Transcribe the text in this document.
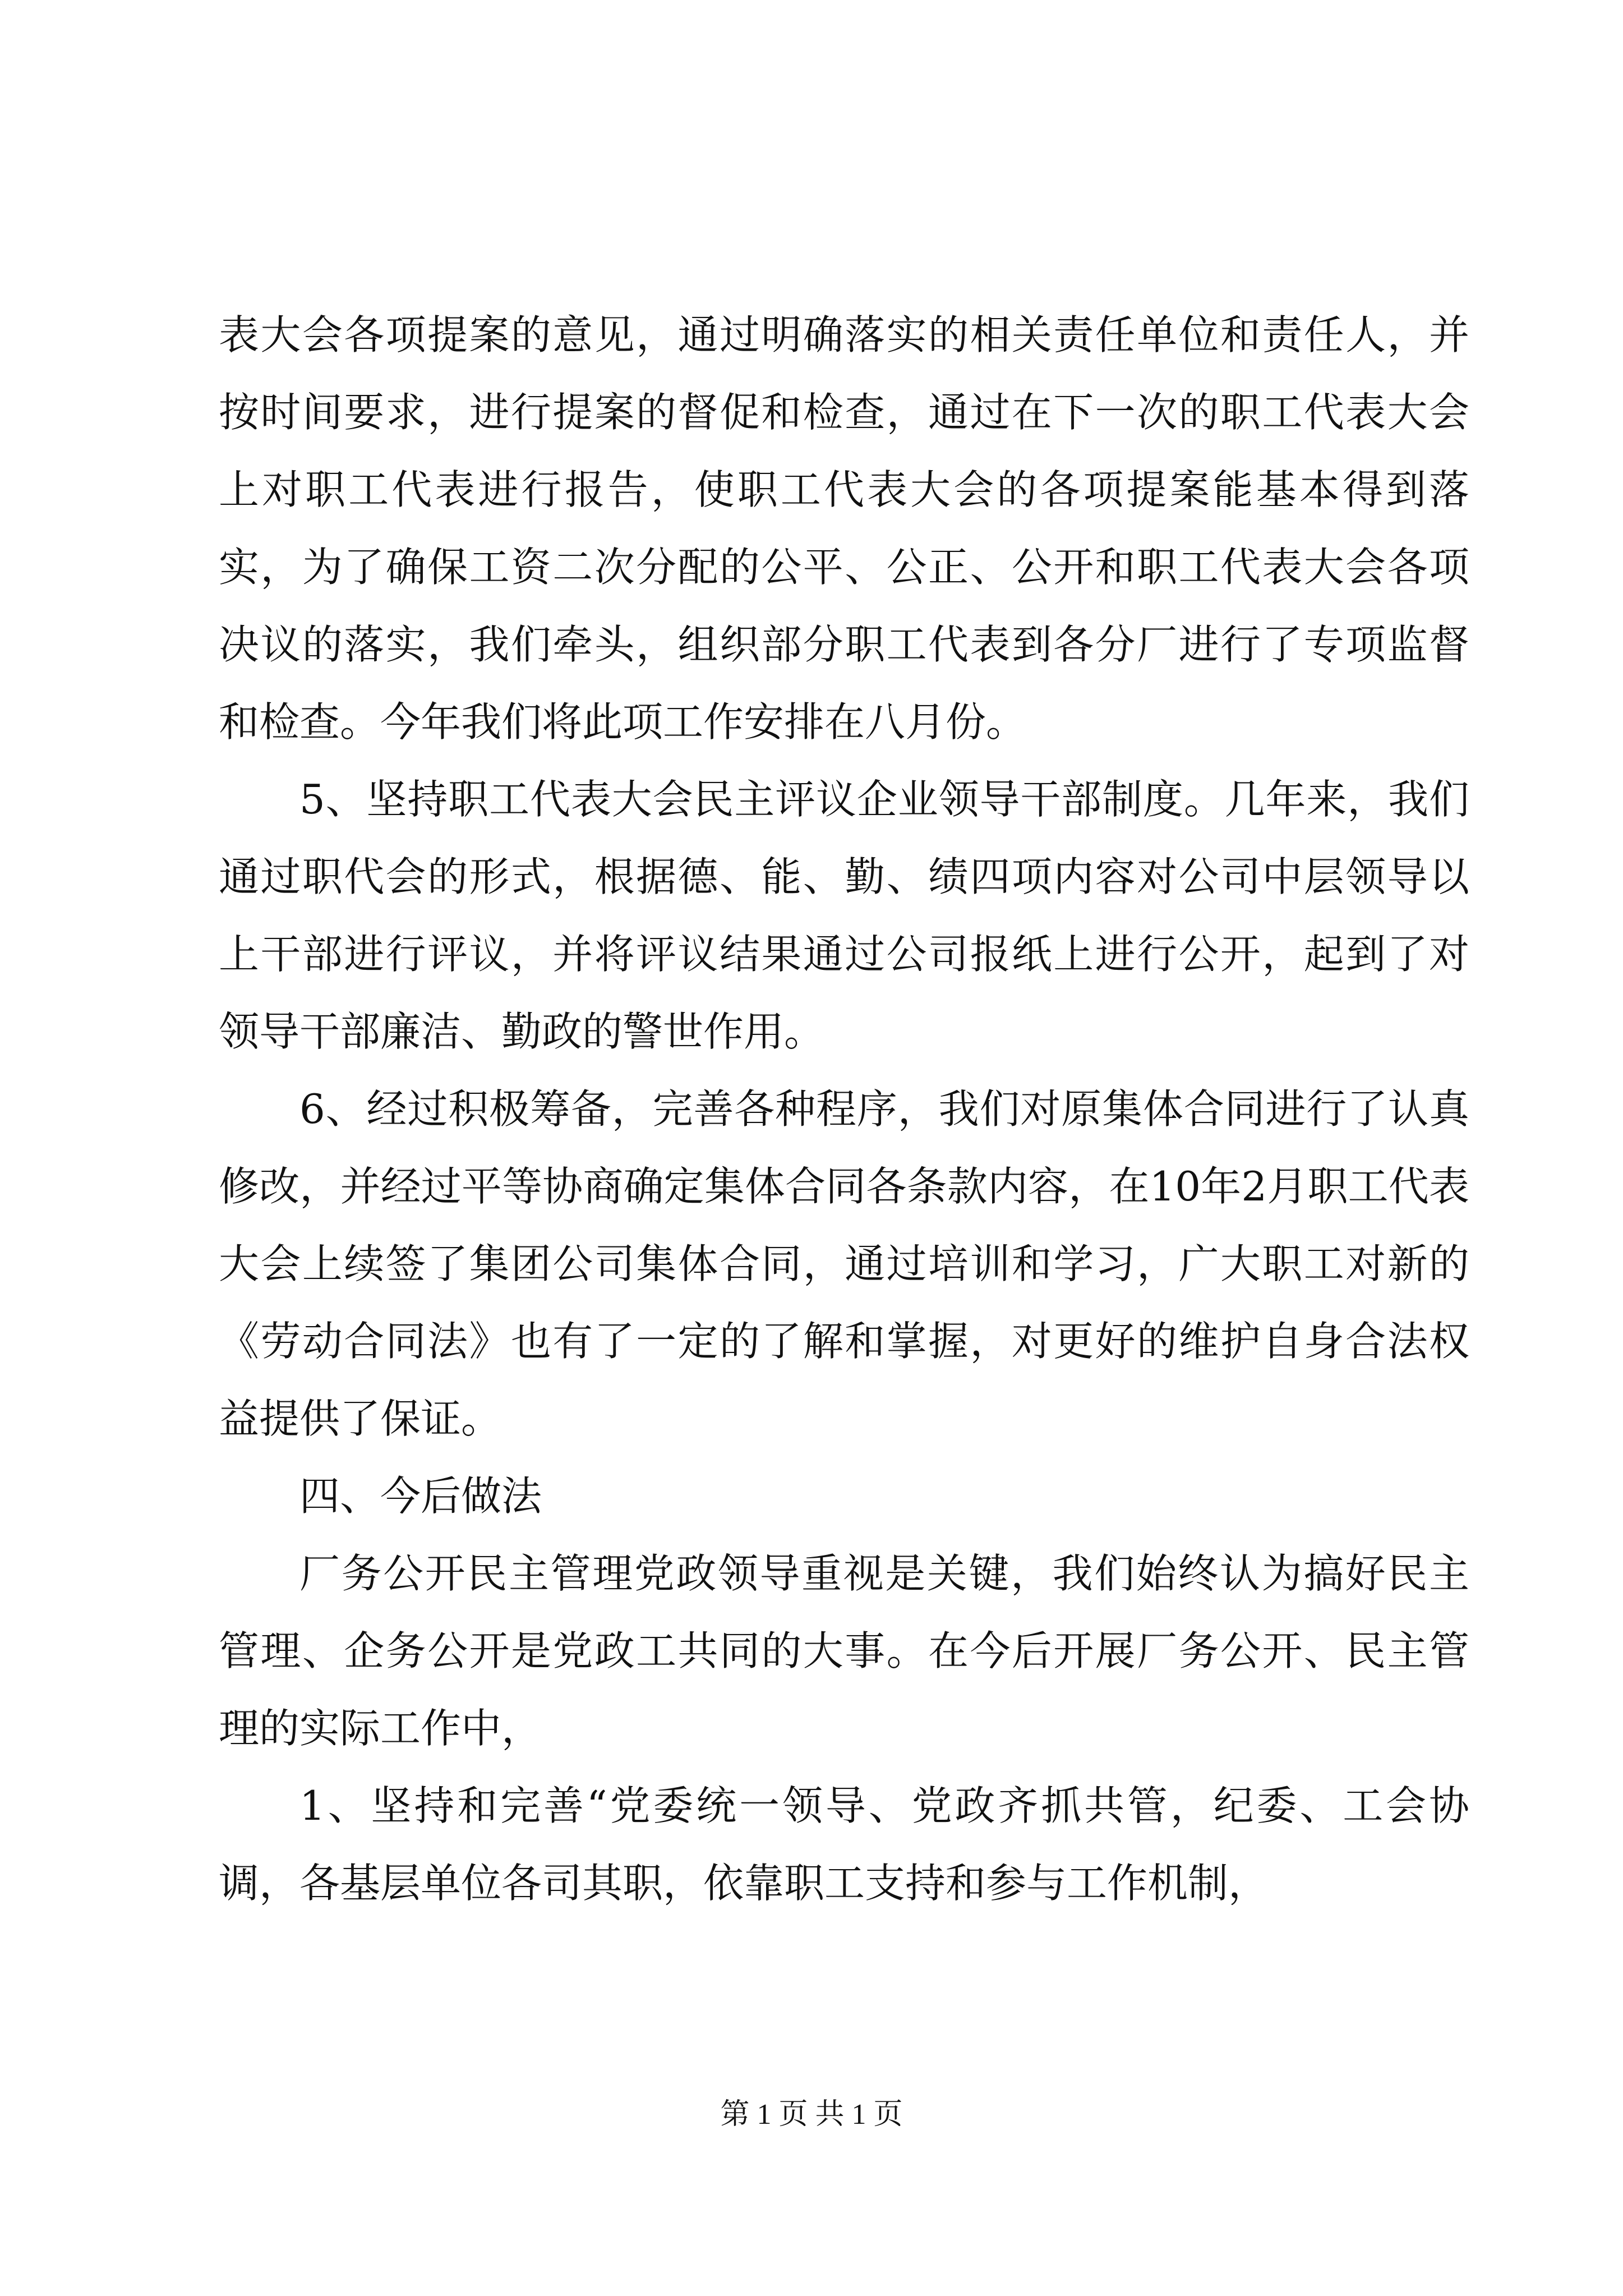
表大会各项提案的意见，通过明确落实的相关责任单位和责任人，并按时间要求，进行提案的督促和检查，通过在下一次的职工代表大会上对职工代表进行报告，使职工代表大会的各项提案能基本得到落实，为了确保工资二次分配的公平、公正、公开和职工代表大会各项决议的落实，我们牵头，组织部分职工代表到各分厂进行了专项监督和检查。今年我们将此项工作安排在八月份。

5、坚持职工代表大会民主评议企业领导干部制度。几年来，我们通过职代会的形式，根据德、能、勤、绩四项内容对公司中层领导以上干部进行评议，并将评议结果通过公司报纸上进行公开，起到了对领导干部廉洁、勤政的警世作用。

6、经过积极筹备，完善各种程序，我们对原集体合同进行了认真修改，并经过平等协商确定集体合同各条款内容，在10年2月职工代表大会上续签了集团公司集体合同，通过培训和学习，广大职工对新的《劳动合同法》也有了一定的了解和掌握，对更好的维护自身合法权益提供了保证。

四、今后做法

厂务公开民主管理党政领导重视是关键，我们始终认为搞好民主管理、企务公开是党政工共同的大事。在今后开展厂务公开、民主管理的实际工作中，

1、坚持和完善“党委统一领导、党政齐抓共管，纪委、工会协调，各基层单位各司其职，依靠职工支持和参与工作机制，

第 1 页 共 1 页
